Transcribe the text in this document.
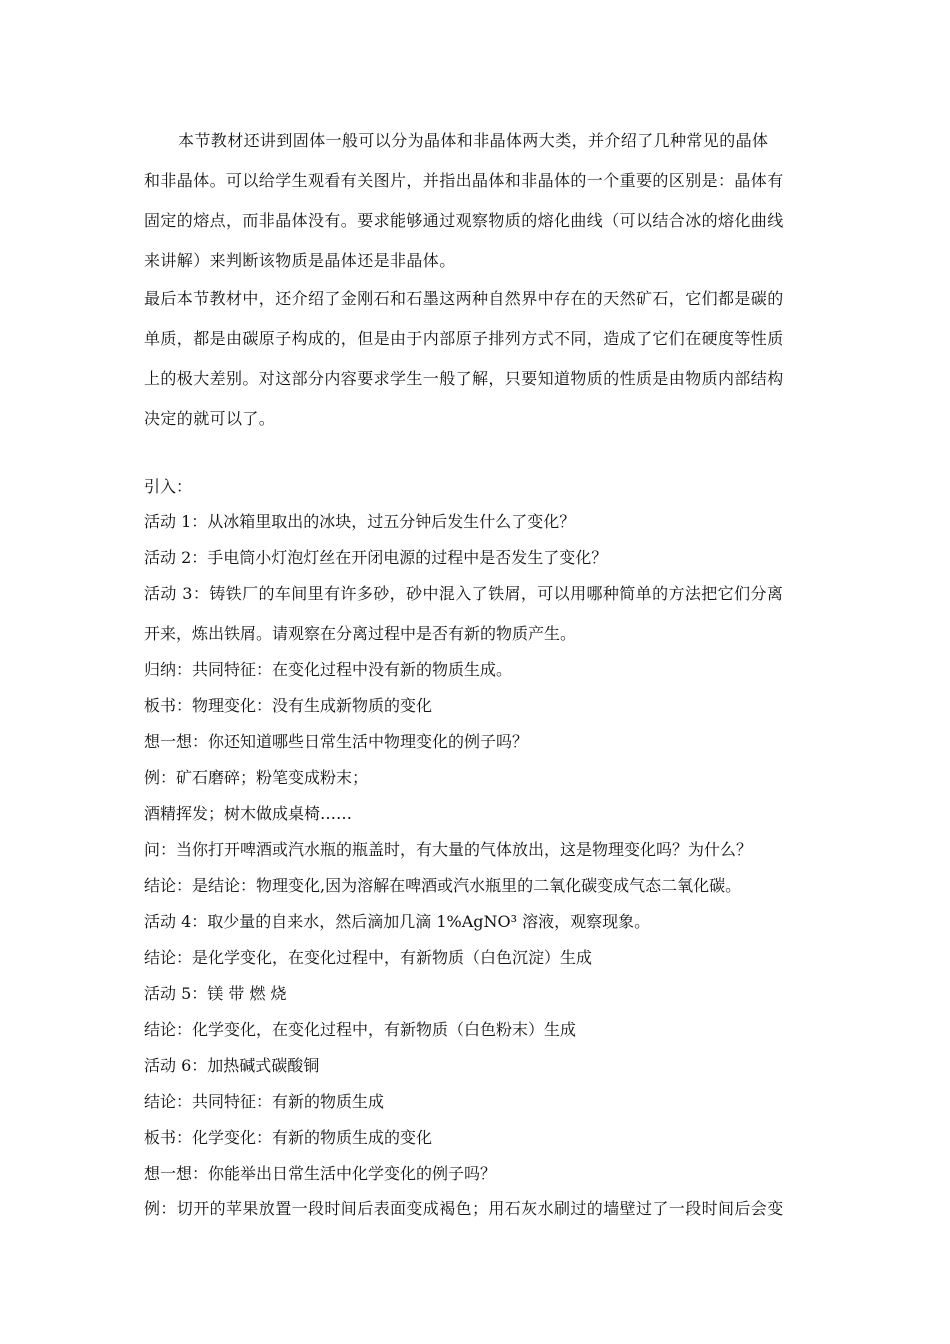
本节教材还讲到固体一般可以分为晶体和非晶体两大类，并介绍了几种常见的晶体
和非晶体。可以给学生观看有关图片，并指出晶体和非晶体的一个重要的区别是：晶体有
固定的熔点，而非晶体没有。要求能够通过观察物质的熔化曲线（可以结合冰的熔化曲线
来讲解）来判断该物质是晶体还是非晶体。
最后本节教材中，还介绍了金刚石和石墨这两种自然界中存在的天然矿石，它们都是碳的
单质，都是由碳原子构成的，但是由于内部原子排列方式不同，造成了它们在硬度等性质
上的极大差别。对这部分内容要求学生一般了解，只要知道物质的性质是由物质内部结构
决定的就可以了。
引入：
活动 1：从冰箱里取出的冰块，过五分钟后发生什么了变化？
活动 2：手电筒小灯泡灯丝在开闭电源的过程中是否发生了变化？
活动 3：铸铁厂的车间里有许多砂，砂中混入了铁屑，可以用哪种简单的方法把它们分离
开来，炼出铁屑。请观察在分离过程中是否有新的物质产生。
归纳：共同特征：在变化过程中没有新的物质生成。
板书：物理变化：没有生成新物质的变化
想一想：你还知道哪些日常生活中物理变化的例子吗？
例：矿石磨碎；粉笔变成粉末；
酒精挥发；树木做成桌椅……
问：当你打开啤酒或汽水瓶的瓶盖时，有大量的气体放出，这是物理变化吗？为什么？
结论：是结论：物理变化,因为溶解在啤酒或汽水瓶里的二氧化碳变成气态二氧化碳。
活动 4：取少量的自来水，然后滴加几滴 1%AgNO³ 溶液，观察现象。
结论：是化学变化，在变化过程中，有新物质（白色沉淀）生成
活动 5：镁 带 燃 烧
结论：化学变化，在变化过程中，有新物质（白色粉末）生成
活动 6：加热碱式碳酸铜
结论：共同特征：有新的物质生成
板书：化学变化：有新的物质生成的变化
想一想：你能举出日常生活中化学变化的例子吗？
例：切开的苹果放置一段时间后表面变成褐色；用石灰水刷过的墙壁过了一段时间后会变
